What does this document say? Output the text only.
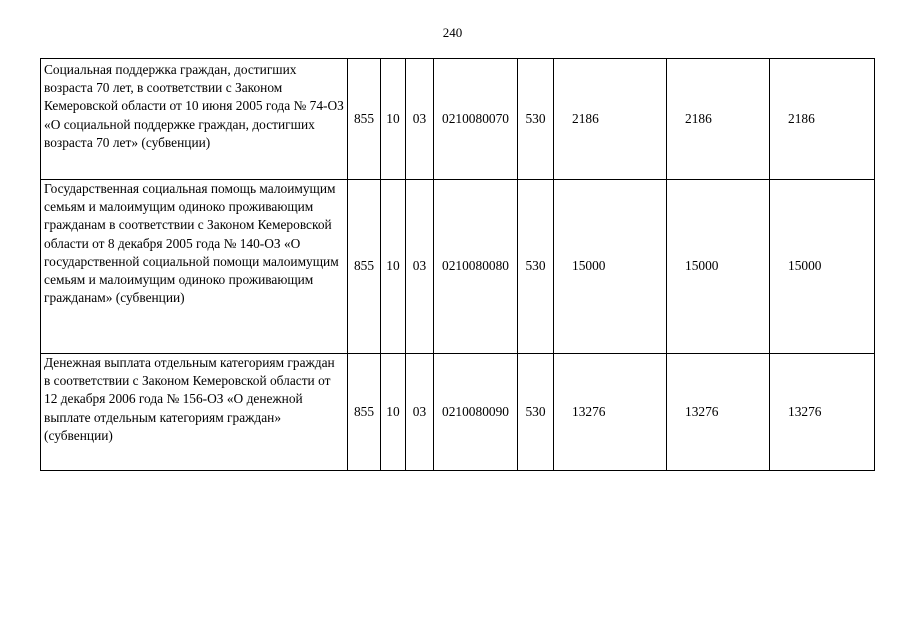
240
Социальная поддержка граждан, достигших возраста 70 лет, в соответствии с Законом Кемеровской области от 10 июня 2005 года № 74-ОЗ «О социальной поддержке граждан, достигших возраста 70 лет» (субвенции)	855	10	03	0210080070	530	2186	2186	2186
Государственная социальная помощь малоимущим семьям и малоимущим одиноко проживающим гражданам в соответствии с Законом Кемеровской области от 8 декабря 2005 года № 140-ОЗ «О государственной социальной помощи малоимущим семьям и малоимущим одиноко проживающим гражданам» (субвенции)	855	10	03	0210080080	530	15000	15000	15000
Денежная выплата отдельным категориям граждан в соответствии с Законом Кемеровской области от 12 декабря 2006 года № 156-ОЗ «О денежной выплате отдельным категориям граждан» (субвенции)	855	10	03	0210080090	530	13276	13276	13276
